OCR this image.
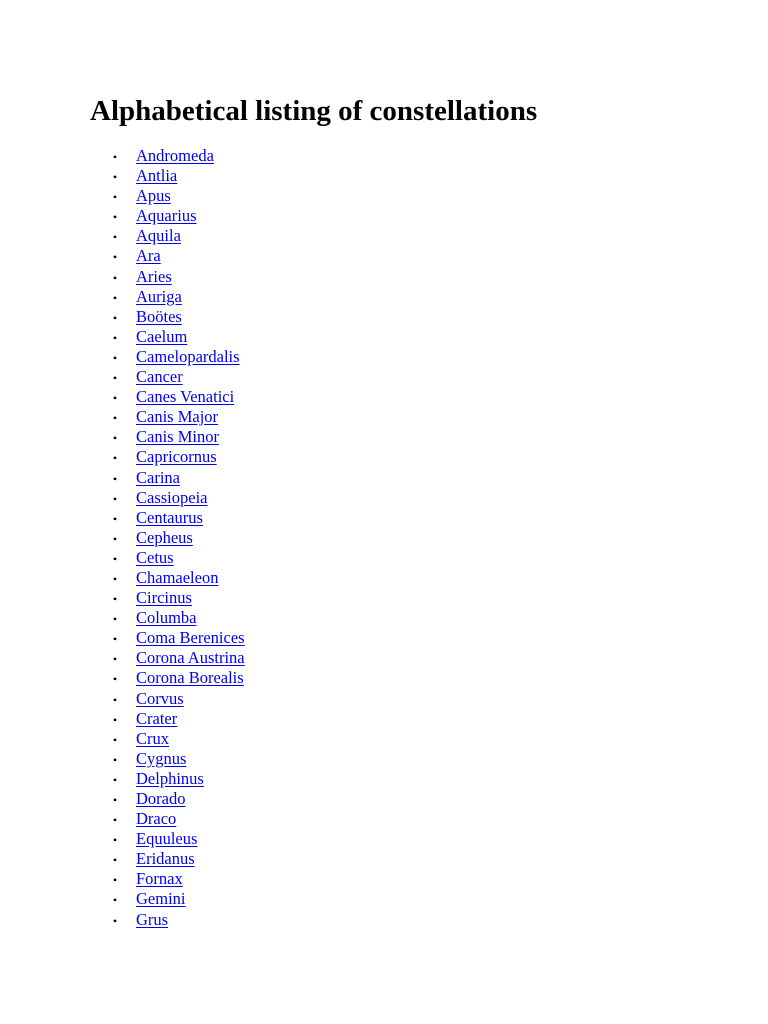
Alphabetical listing of constellations
• Andromeda
• Antlia
• Apus
• Aquarius
• Aquila
• Ara
• Aries
• Auriga
• Boötes
• Caelum
• Camelopardalis
• Cancer
• Canes Venatici
• Canis Major
• Canis Minor
• Capricornus
• Carina
• Cassiopeia
• Centaurus
• Cepheus
• Cetus
• Chamaeleon
• Circinus
• Columba
• Coma Berenices
• Corona Austrina
• Corona Borealis
• Corvus
• Crater
• Crux
• Cygnus
• Delphinus
• Dorado
• Draco
• Equuleus
• Eridanus
• Fornax
• Gemini
• Grus
